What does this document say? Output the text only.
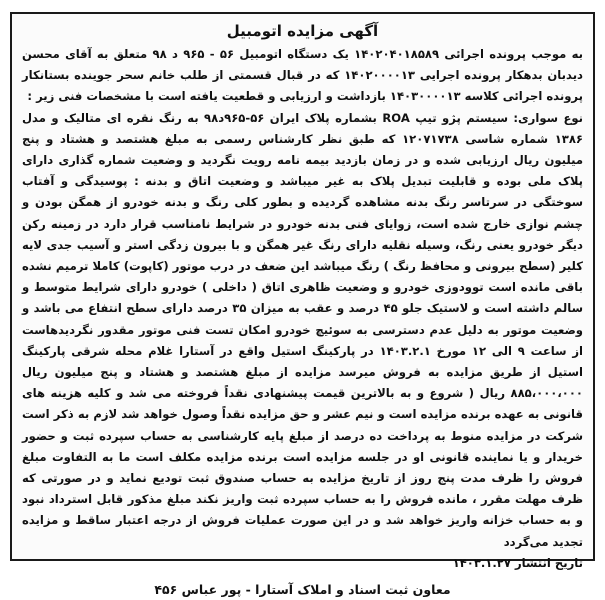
آگهی مزایده اتومبیل

به موجب پرونده اجرائی ۱۴۰۲۰۴۰۱۸۵۸۹ یک دستگاه اتومبیل ۵۶ - ۹۶۵ د ۹۸ متعلق به آقای محسن دیدبان بدهکار پرونده اجرایی ۱۴۰۲۰۰۰۰۱۳ که در قبال قسمتی از طلب خانم سحر جوینده بستانکار پرونده اجرائی کلاسه ۱۴۰۳۰۰۰۰۱۳ بازداشت و ارزیابی و قطعیت یافته است با مشخصات فنی زیر :

نوع سواری: سیستم پژو تیپ ROA بشماره پلاک ایران ۵۶-۹۶۵د۹۸ به رنگ نقره ای متالیک و مدل ۱۳۸۶ شماره شاسی ۱۲۰۷۱۷۳۸ که طبق نظر کارشناس رسمی به مبلغ هشتصد و هشتاد و پنج میلیون ریال ارزیابی شده و در زمان بازدید بیمه نامه رویت نگردید و وضعیت شماره گذاری دارای پلاک ملی بوده و قابلیت تبدیل پلاک به غیر میباشد و وضعیت اتاق و بدنه : پوسیدگی و آفتاب سوختگی در سرتاسر رنگ بدنه مشاهده گردیده و بطور کلی رنگ و بدنه خودرو از همگن بودن و چشم نوازی خارج شده است، زوایای فنی بدنه خودرو در شرایط نامناسب قرار دارد در زمینه رکن دیگر خودرو یعنی رنگ، وسیله نقلیه دارای رنگ غیر همگن و با بیرون زدگی استر و آسیب جدی لایه کلیر (سطح بیرونی و محافظ رنگ ) رنگ میباشد این ضعف در درب موتور (کاپوت) کاملا ترمیم نشده باقی مانده است توودوزی خودرو و وضعیت ظاهری اتاق ( داخلی ) خودرو دارای شرایط متوسط و سالم داشته است و لاستیک جلو ۴۵ درصد و عقب به میزان ۳۵ درصد دارای سطح انتفاع می باشد و وضعیت موتور به دلیل عدم دسترسی به سوئیچ خودرو امکان تست فنی موتور مقدور نگردیدهاست از ساعت ۹ الی ۱۲ مورخ ۱۴۰۳.۲.۱ در پارکینگ استیل واقع در آستارا غلام محله شرقی پارکینگ استیل از طریق مزایده به فروش میرسد مزایده از مبلغ هشتصد و هشتاد و پنج میلیون ریال ۸۸۵،۰۰۰،۰۰۰ ریال ( شروع و به بالاترین قیمت پیشنهادی نقداً فروخته می شد و کلیه هزینه های قانونی به عهده برنده مزایده است و نیم عشر و حق مزایده نقداً وصول خواهد شد لازم به ذکر است شرکت در مزایده منوط به پرداخت ده درصد از مبلغ پایه کارشناسی به حساب سپرده ثبت و حضور خریدار و یا نماینده قانونی او در جلسه مزایده است برنده مزایده مکلف است ما به التفاوت مبلغ فروش را ظرف مدت پنج روز از تاریخ مزایده به حساب صندوق ثبت تودیع نماید و در صورتی که ظرف مهلت مقرر ، مانده فروش را به حساب سپرده ثبت واریز نکند مبلغ مذکور قابل استرداد نبود و به حساب خزانه واریز خواهد شد و در این صورت عملیات فروش از درجه اعتبار ساقط و مزایده تجدید می‌گردد

تاریخ انتشار ۱۴۰۳.۱.۲۷

معاون ثبت اسناد و املاک آستارا - پور عباس ۴۵۶
